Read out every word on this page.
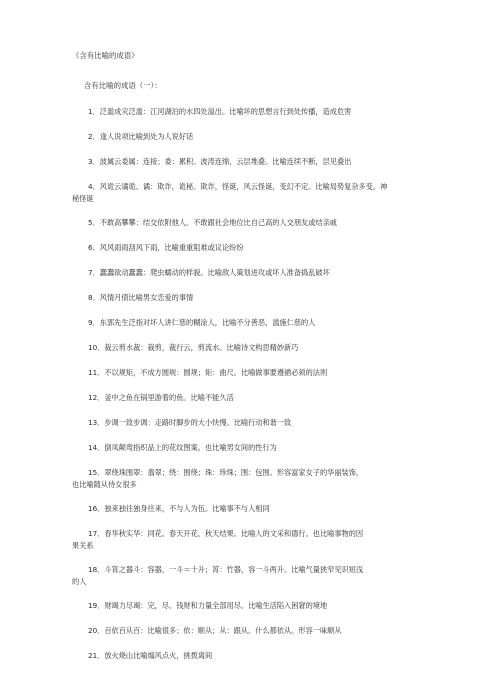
《含有比喻的成语》
含有比喻的成语（一）：
1．泛滥成灾泛滥：江河湖泊的水四处溢出。比喻坏的思想言行到处传播，造成危害
2．逢人说项比喻到处为人说好话
3．波属云委属：连接；委：累积。波涛连绵，云层堆叠。比喻连续不断，层见叠出
4．风诡云谲诡、谲：欺诈，诡秘。欺诈，怪诞，风云怪诞，变幻不定。比喻局势复杂多变，神
秘怪诞
5．不敢高攀攀：结交依附他人。不敢跟社会地位比自己高的人交朋友或结亲戚
6．风风雨雨刮风下雨，比喻重重阻难或议论纷纷
7．蠢蠢欲动蠢蠢：爬虫蠕动的样貌。比喻敌人策划进攻或坏人准备捣乱破坏
8．风情月债比喻男女恋爱的事情
9．东郭先生泛指对坏人讲仁慈的糊涂人，比喻不分善恶，滥施仁慈的人
10．裁云剪水裁：裁剪，裁行云，剪流水。比喻诗文构思精妙新巧
11．不以规矩，不成方圆规：圆规；矩：曲尺。比喻做事要遵循必须的法则
12．釜中之鱼在锅里游着的鱼。比喻不能久活
13．步调一致步调：走路时脚步的大小快慢。比喻行动和谐一致
14．倒凤颠鸾指织品上的花纹图案。也比喻男女间的性行为
15．翠绕珠围翠：翡翠；绕：围绕；珠：珍珠；围：包围。形容富家女子的华丽装饰，
也比喻随从侍女很多
16．独来独往独身往来，不与人为伍。比喻事不与人相同
17．春华秋实华：同花。春天开花，秋天结果。比喻人的文采和德行。也比喻事物的因
果关系
18．斗筲之器斗：容器，一斗＝十升；筲：竹器，容一斗两升。比喻气量狭窄见识短浅
的人
19．财竭力尽竭：完，尽。钱财和力量全部用尽。比喻生活陷入困窘的境地
20．百依百从百：比喻很多；依：顺从；从：跟从。什么都依从。形容一味顺从
21．放火烧山比喻煽风点火，挑拨离间
